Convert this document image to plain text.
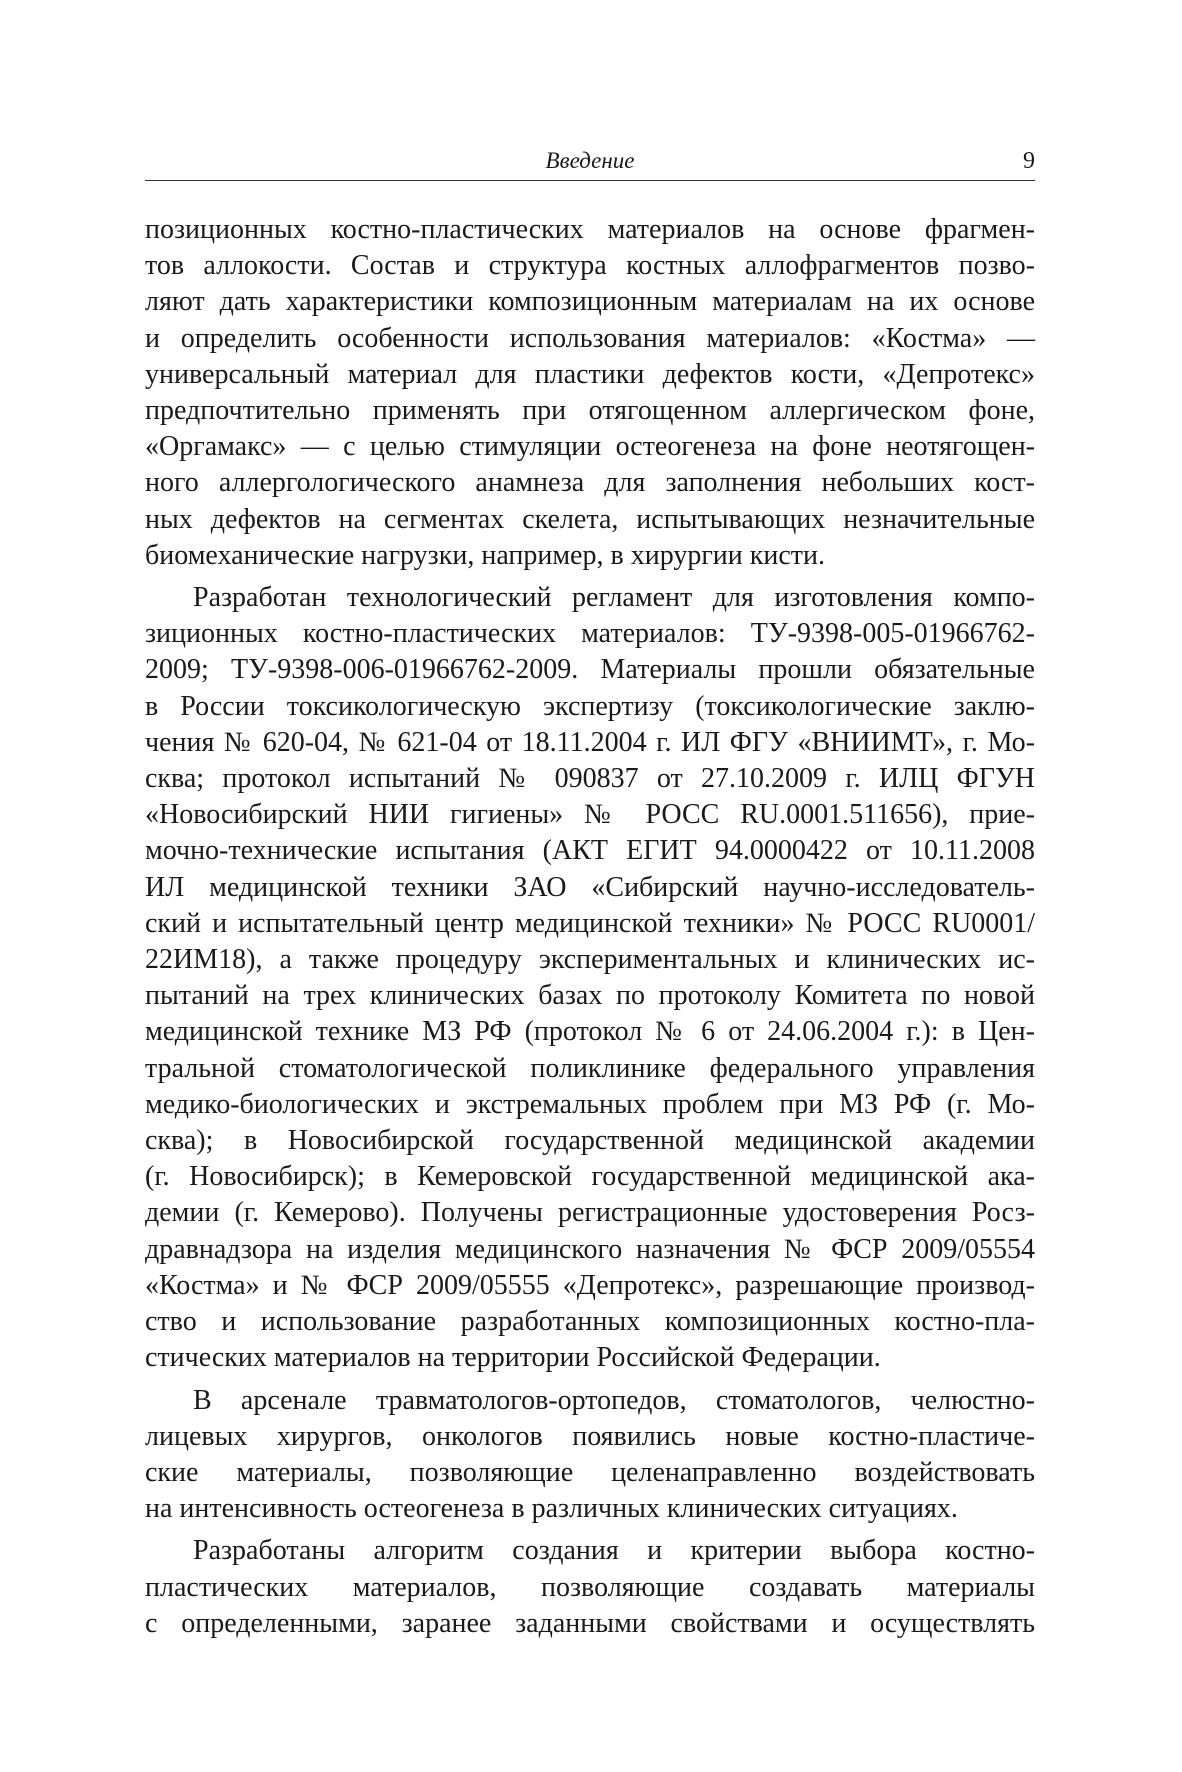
Введение	9

позиционных костно-пластических материалов на основе фрагмен-
тов аллокости. Состав и структура костных аллофрагментов позво-
ляют дать характеристики композиционным материалам на их основе
и определить особенности использования материалов: «Костма» —
универсальный материал для пластики дефектов кости, «Депротекс»
предпочтительно применять при отягощенном аллергическом фоне,
«Оргамакс» — с целью стимуляции остеогенеза на фоне неотягощен-
ного аллергологического анамнеза для заполнения небольших кост-
ных дефектов на сегментах скелета, испытывающих незначительные
биомеханические нагрузки, например, в хирургии кисти.

Разработан технологический регламент для изготовления компо-
зиционных костно-пластических материалов: ТУ-9398-005-01966762-
2009; ТУ-9398-006-01966762-2009. Материалы прошли обязательные
в России токсикологическую экспертизу (токсикологические заклю-
чения № 620-04, № 621-04 от 18.11.2004 г. ИЛ ФГУ «ВНИИМТ», г. Мо-
сква; протокол испытаний № 090837 от 27.10.2009 г. ИЛЦ ФГУН
«Новосибирский НИИ гигиены» № РОСС RU.0001.511656), прие-
мочно-технические испытания (АКТ ЕГИТ 94.0000422 от 10.11.2008
ИЛ медицинской техники ЗАО «Сибирский научно-исследователь-
ский и испытательный центр медицинской техники» № РОСС RU0001/
22ИМ18), а также процедуру экспериментальных и клинических ис-
пытаний на трех клинических базах по протоколу Комитета по новой
медицинской технике МЗ РФ (протокол № 6 от 24.06.2004 г.): в Цен-
тральной стоматологической поликлинике федерального управления
медико-биологических и экстремальных проблем при МЗ РФ (г. Мо-
сква); в Новосибирской государственной медицинской академии
(г. Новосибирск); в Кемеровской государственной медицинской ака-
демии (г. Кемерово). Получены регистрационные удостоверения Росз-
дравнадзора на изделия медицинского назначения № ФСР 2009/05554
«Костма» и № ФСР 2009/05555 «Депротекс», разрешающие производ-
ство и использование разработанных композиционных костно-пла-
стических материалов на территории Российской Федерации.

В арсенале травматологов-ортопедов, стоматологов, челюстно-
лицевых хирургов, онкологов появились новые костно-пластиче-
ские материалы, позволяющие целенаправленно воздействовать
на интенсивность остеогенеза в различных клинических ситуациях.

Разработаны алгоритм создания и критерии выбора костно-
пластических материалов, позволяющие создавать материалы
с определенными, заранее заданными свойствами и осуществлять
